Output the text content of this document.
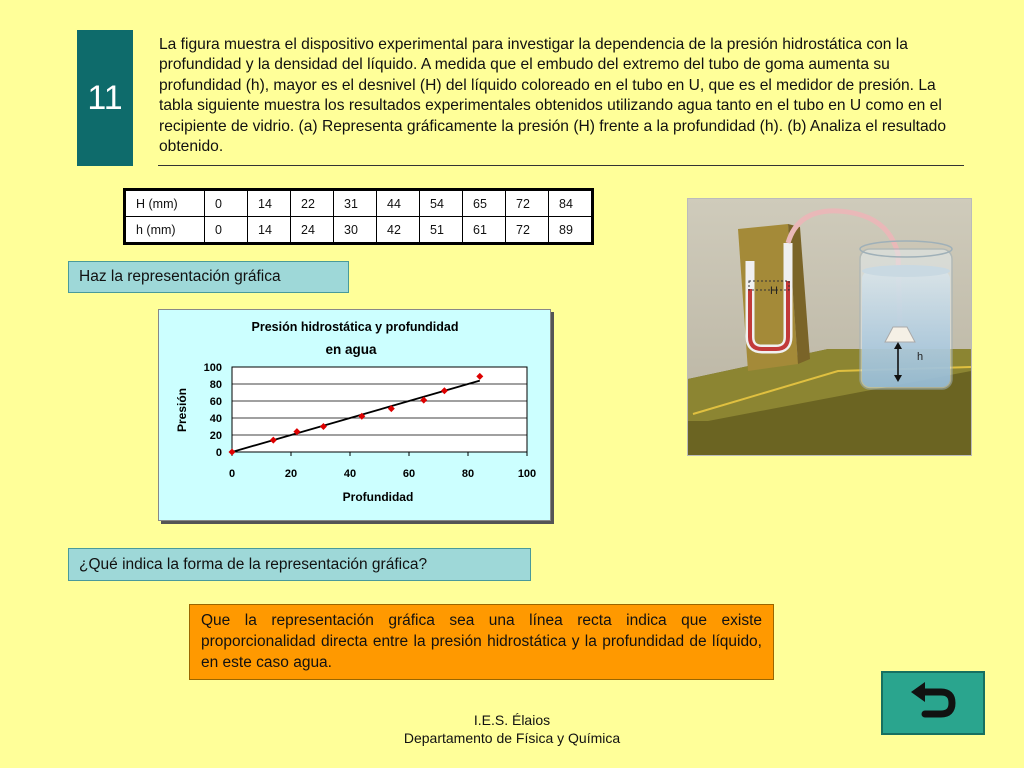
11

La figura muestra el dispositivo experimental para investigar la dependencia de la presión hidrostática con la profundidad y la densidad del líquido. A medida que el embudo del extremo del tubo de goma aumenta su profundidad (h), mayor es el desnivel (H) del líquido coloreado en el tubo en U, que es el medidor de presión. La tabla siguiente muestra los resultados experimentales obtenidos utilizando agua tanto en el tubo en U como en el recipiente de vidrio. (a) Representa gráficamente la presión (H) frente a la profundidad (h). (b) Analiza el resultado obtenido.

H (mm)	0	14	22	31	44	54	65	72	84
h (mm)	0	14	24	30	42	51	61	72	89
Haz la representación gráfica
Presión hidrostática y profundidad
en agua
Presión
Profundidad
0
20
40
60
80
100
0	20	40	60	80	100
¿Qué indica la forma de la representación gráfica?

Que la representación gráfica sea una línea recta indica que existe proporcionalidad directa entre la presión hidrostática y la profundidad de líquido, en este caso agua.

H
h
I.E.S. Élaios
Departamento de Física y Química
